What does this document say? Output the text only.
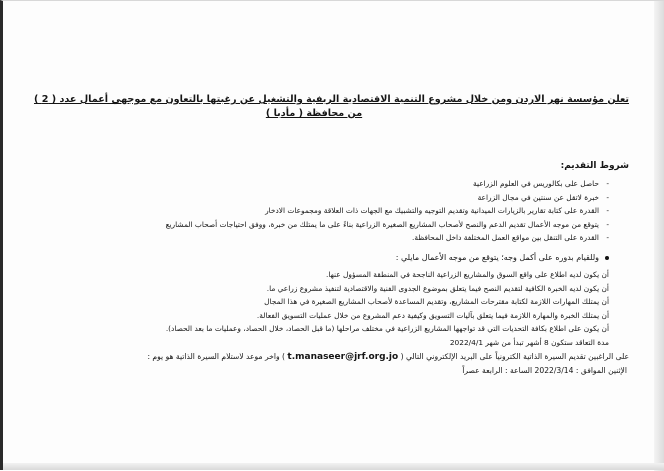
تعلن مؤسسة نهر الاردن ومن خلال مشروع التنمية الاقتصادية الريفية والتشغيل عن رغبتها بالتعاون مع موجهي أعمال عدد ( 2 )
من محافظة ( مأدبا )

شروط التقديم:
- حاصل على بكالوريس في العلوم الزراعية
- خبرة لاتقل عن سنتين في مجال الزراعة
- القدرة على كتابة تقارير بالزيارات الميدانية وتقديم التوجيه والتشبيك مع الجهات ذات العلاقة ومجموعات الادخار
- يتوقع من موجه الأعمال تقديم الدعم والنصح لأصحاب المشاريع الصغيرة الزراعية بناءً على ما يمتلك من خبرة، ووفق احتياجات أصحاب المشاريع
- القدرة على التنقل بين مواقع العمل المختلفة داخل المحافظة.
وللقيام بدوره على أكمل وجه؛ يتوقع من موجه الأعمال مايلي :
أن يكون لديه اطلاع على واقع السوق والمشاريع الزراعية الناجحة في المنطقة المسؤول عنها.
أن يكون لديه الخبرة الكافية لتقديم النصح فيما يتعلق بموضوع الجدوى الفنية والاقتصادية لتنفيذ مشروع زراعي ما.
أن يمتلك المهارات اللازمة لكتابة مقترحات المشاريع، وتقديم المساعدة لأصحاب المشاريع الصغيرة في هذا المجال
أن يمتلك الخبرة والمهارة اللازمة فيما يتعلق بآليات التسويق وكيفية دعم المشروع من خلال عمليات التسويق الفعالة.
أن يكون على اطلاع بكافة التحديات التي قد تواجهها المشاريع الزراعية في مختلف مراحلها (ما قبل الحصاد، خلال الحصاد، وعمليات ما بعد الحصاد).
مدة التعاقد ستكون 8 أشهر تبدأ من شهر 2022/4/1
على الراغبين تقديم السيرة الذاتية الكترونياً على البريد الإلكتروني التالي ( t.manaseer@jrf.org.jo ) واخر موعد لاستلام السيرة الذاتية هو يوم :
الإثنين الموافق : 2022/3/14 الساعة : الرابعة عصراً
